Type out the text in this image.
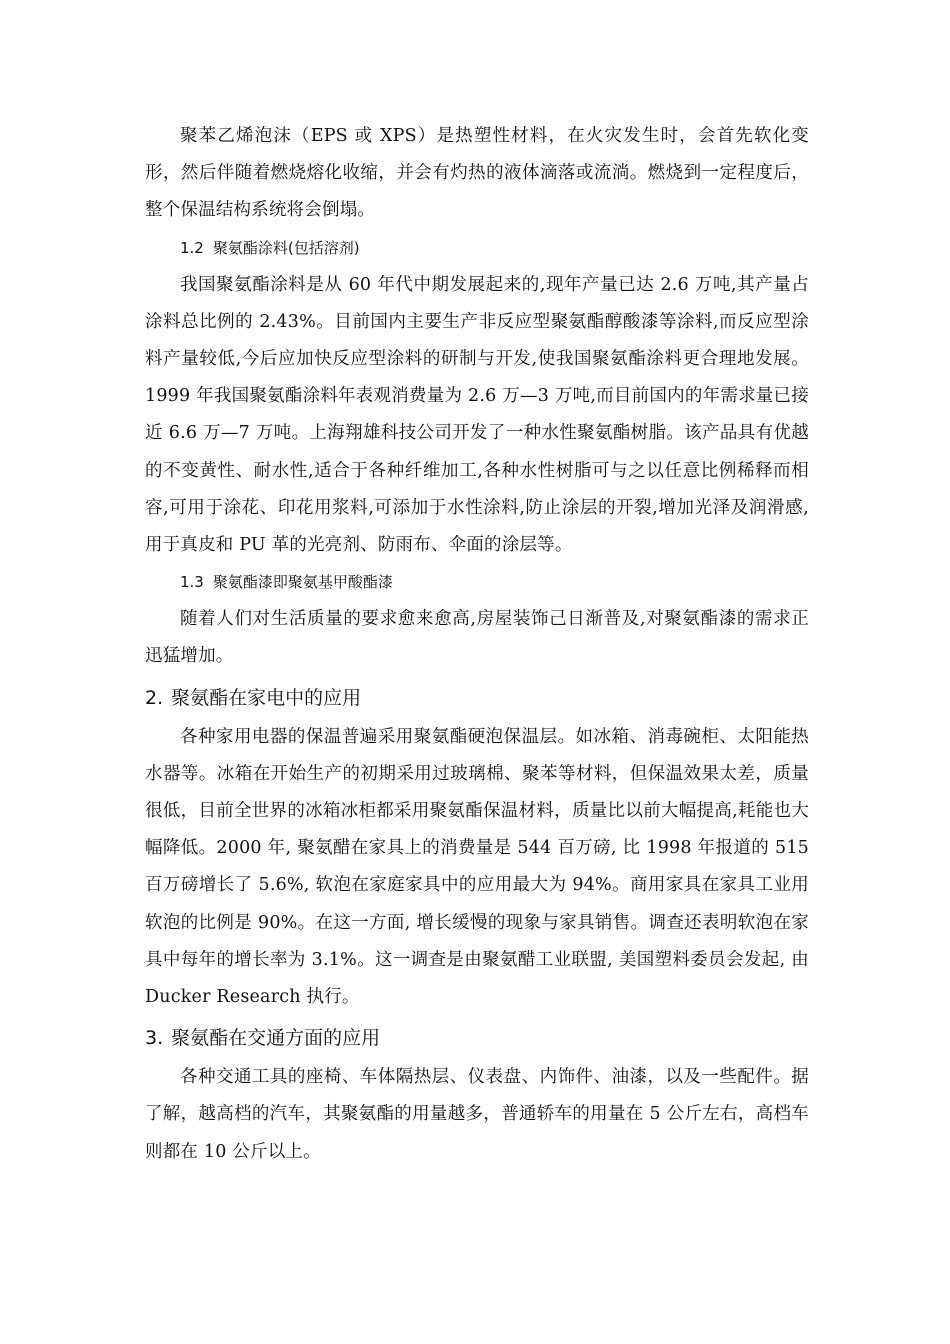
聚苯乙烯泡沫（EPS 或 XPS）是热塑性材料，在火灾发生时，会首先软化变形，然后伴随着燃烧熔化收缩，并会有灼热的液体滴落或流淌。燃烧到一定程度后，整个保温结构系统将会倒塌。

1.2 聚氨酯涂料(包括溶剂)

我国聚氨酯涂料是从 60 年代中期发展起来的,现年产量已达 2.6 万吨,其产量占涂料总比例的 2.43%。目前国内主要生产非反应型聚氨酯醇酸漆等涂料,而反应型涂料产量较低,今后应加快反应型涂料的研制与开发,使我国聚氨酯涂料更合理地发展。1999 年我国聚氨酯涂料年表观消费量为 2.6 万—3 万吨,而目前国内的年需求量已接近 6.6 万—7 万吨。上海翔雄科技公司开发了一种水性聚氨酯树脂。该产品具有优越的不变黄性、耐水性,适合于各种纤维加工,各种水性树脂可与之以任意比例稀释而相容,可用于涂花、印花用浆料,可添加于水性涂料,防止涂层的开裂,增加光泽及润滑感,用于真皮和 PU 革的光亮剂、防雨布、伞面的涂层等。

1.3 聚氨酯漆即聚氨基甲酸酯漆

随着人们对生活质量的要求愈来愈高,房屋装饰己日渐普及,对聚氨酯漆的需求正迅猛增加。

2. 聚氨酯在家电中的应用

各种家用电器的保温普遍采用聚氨酯硬泡保温层。如冰箱、消毒碗柜、太阳能热水器等。冰箱在开始生产的初期采用过玻璃棉、聚苯等材料，但保温效果太差，质量很低，目前全世界的冰箱冰柜都采用聚氨酯保温材料，质量比以前大幅提高,耗能也大幅降低。2000 年, 聚氨醋在家具上的消费量是 544 百万磅, 比 1998 年报道的 515 百万磅增长了 5.6%, 软泡在家庭家具中的应用最大为 94%。商用家具在家具工业用软泡的比例是 90%。在这一方面, 增长缓慢的现象与家具销售。调查还表明软泡在家具中每年的增长率为 3.1%。这一调查是由聚氨醋工业联盟, 美国塑料委员会发起, 由 Ducker Research 执行。

3. 聚氨酯在交通方面的应用

各种交通工具的座椅、车体隔热层、仪表盘、内饰件、油漆，以及一些配件。据了解，越高档的汽车，其聚氨酯的用量越多，普通轿车的用量在 5 公斤左右，高档车则都在 10 公斤以上。
